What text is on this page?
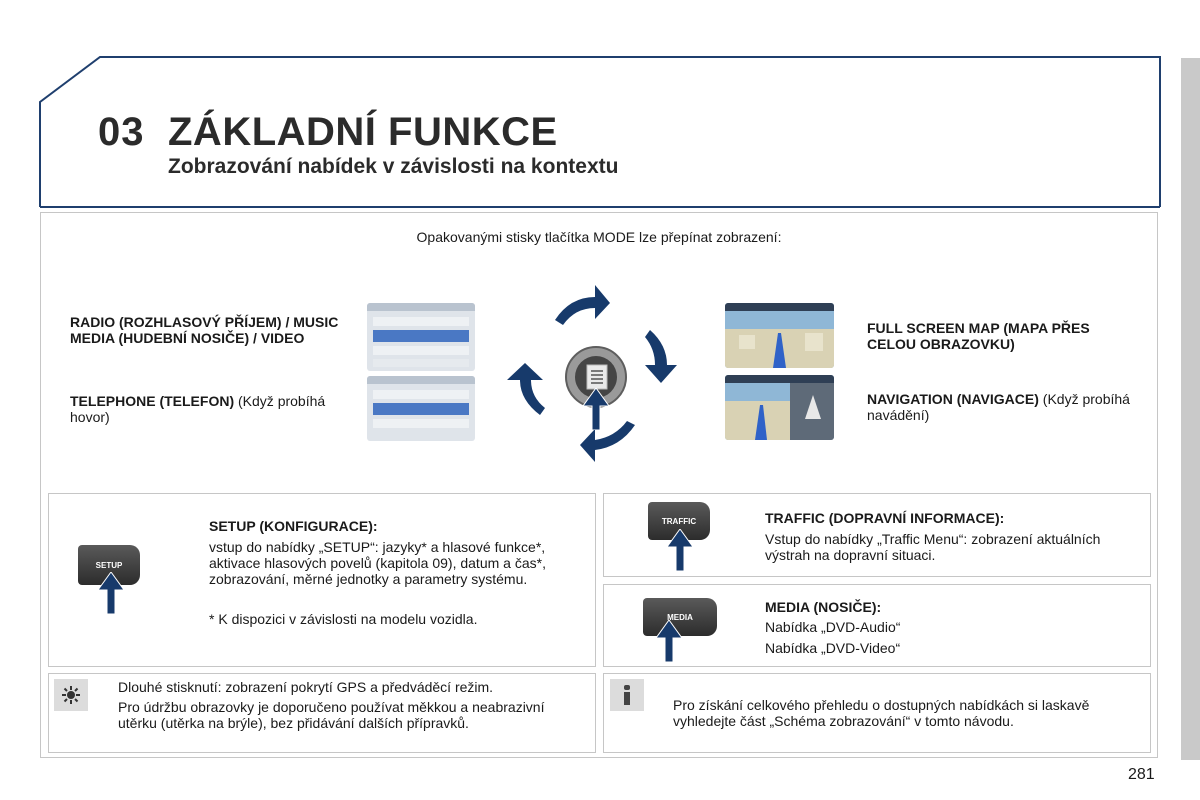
03 ZÁKLADNÍ FUNKCE
Zobrazování nabídek v závislosti na kontextu
Opakovanými stisky tlačítka MODE lze přepínat zobrazení:
RADIO (ROZHLASOVÝ PŘÍJEM) / MUSIC MEDIA (HUDEBNÍ NOSIČE) / VIDEO
TELEPHONE (TELEFON) (Když probíhá hovor)
FULL SCREEN MAP (MAPA PŘES CELOU OBRAZOVKU)
NAVIGATION (NAVIGACE) (Když probíhá navádění)
SETUP
SETUP (KONFIGURACE):
vstup do nabídky „SETUP“: jazyky* a hlasové funkce*, aktivace hlasových povelů (kapitola 09), datum a čas*, zobrazování, měrné jednotky a parametry systému.
* K dispozici v závislosti na modelu vozidla.
TRAFFIC	TRAFFIC (DOPRAVNÍ INFORMACE):
Vstup do nabídky „Traffic Menu“: zobrazení aktuálních výstrah na dopravní situaci.
MEDIA
MEDIA (NOSIČE):
Nabídka „DVD-Audio“
Nabídka „DVD-Video“
Dlouhé stisknutí: zobrazení pokrytí GPS a předváděcí režim.
Pro údržbu obrazovky je doporučeno používat měkkou a neabrazivní utěrku (utěrka na brýle), bez přidávání dalších přípravků.
Pro získání celkového přehledu o dostupných nabídkách si laskavě vyhledejte část „Schéma zobrazování“ v tomto návodu.
281
